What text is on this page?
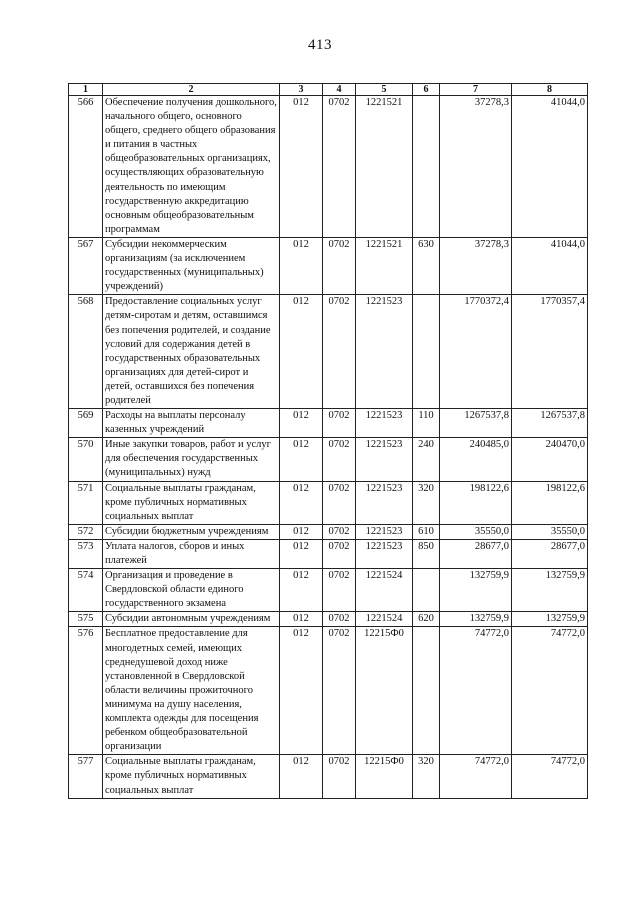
413
1	2	3	4	5	6	7	8
566	Обеспечение получения дошкольного, начального общего, основного общего, среднего общего образования и питания в частных общеобразовательных организациях, осуществляющих образовательную деятельность по имеющим государственную аккредитацию основным общеобразовательным программам	012	0702	1221521		37278,3	41044,0
567	Субсидии некоммерческим организациям (за исключением государственных (муниципальных) учреждений)	012	0702	1221521	630	37278,3	41044,0
568	Предоставление социальных услуг детям-сиротам и детям, оставшимся без попечения родителей, и создание условий для содержания детей в государственных образовательных организациях для детей-сирот и детей, оставшихся без попечения родителей	012	0702	1221523		1770372,4	1770357,4
569	Расходы на выплаты персоналу казенных учреждений	012	0702	1221523	110	1267537,8	1267537,8
570	Иные закупки товаров, работ и услуг для обеспечения государственных (муниципальных) нужд	012	0702	1221523	240	240485,0	240470,0
571	Социальные выплаты гражданам, кроме публичных нормативных социальных выплат	012	0702	1221523	320	198122,6	198122,6
572	Субсидии бюджетным учреждениям	012	0702	1221523	610	35550,0	35550,0
573	Уплата налогов, сборов и иных платежей	012	0702	1221523	850	28677,0	28677,0
574	Организация и проведение в Свердловской области единого государственного экзамена	012	0702	1221524		132759,9	132759,9
575	Субсидии автономным учреждениям	012	0702	1221524	620	132759,9	132759,9
576	Бесплатное предоставление для многодетных семей, имеющих среднедушевой доход ниже установленной в Свердловской области величины прожиточного минимума на душу населения, комплекта одежды для посещения ребенком общеобразовательной организации	012	0702	12215Ф0		74772,0	74772,0
577	Социальные выплаты гражданам, кроме публичных нормативных социальных выплат	012	0702	12215Ф0	320	74772,0	74772,0
